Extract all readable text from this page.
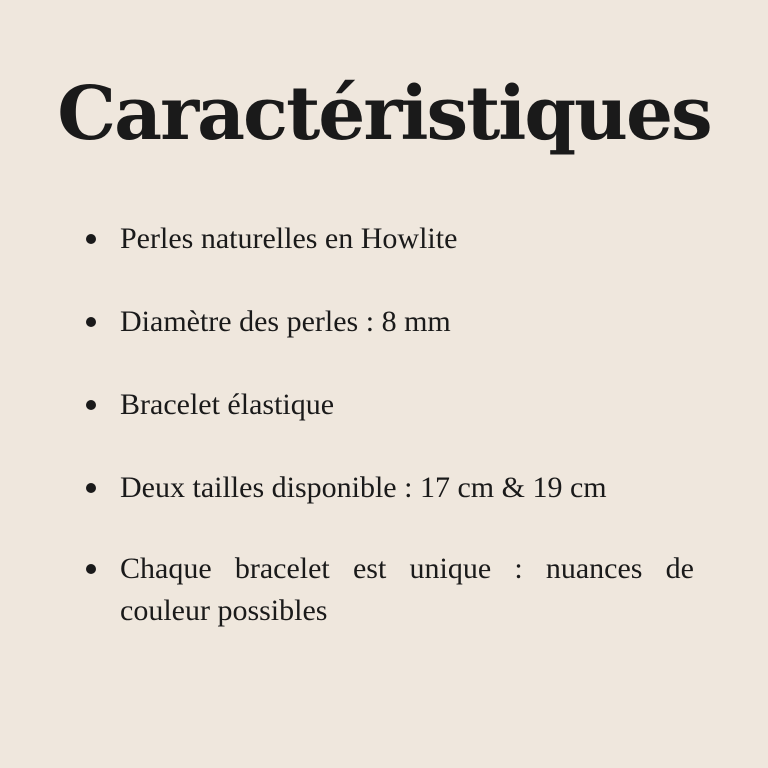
Caractéristiques
Perles naturelles en Howlite
Diamètre des perles : 8 mm
Bracelet élastique
Deux tailles disponible : 17 cm & 19 cm
Chaque bracelet est unique : nuances de couleur possibles
